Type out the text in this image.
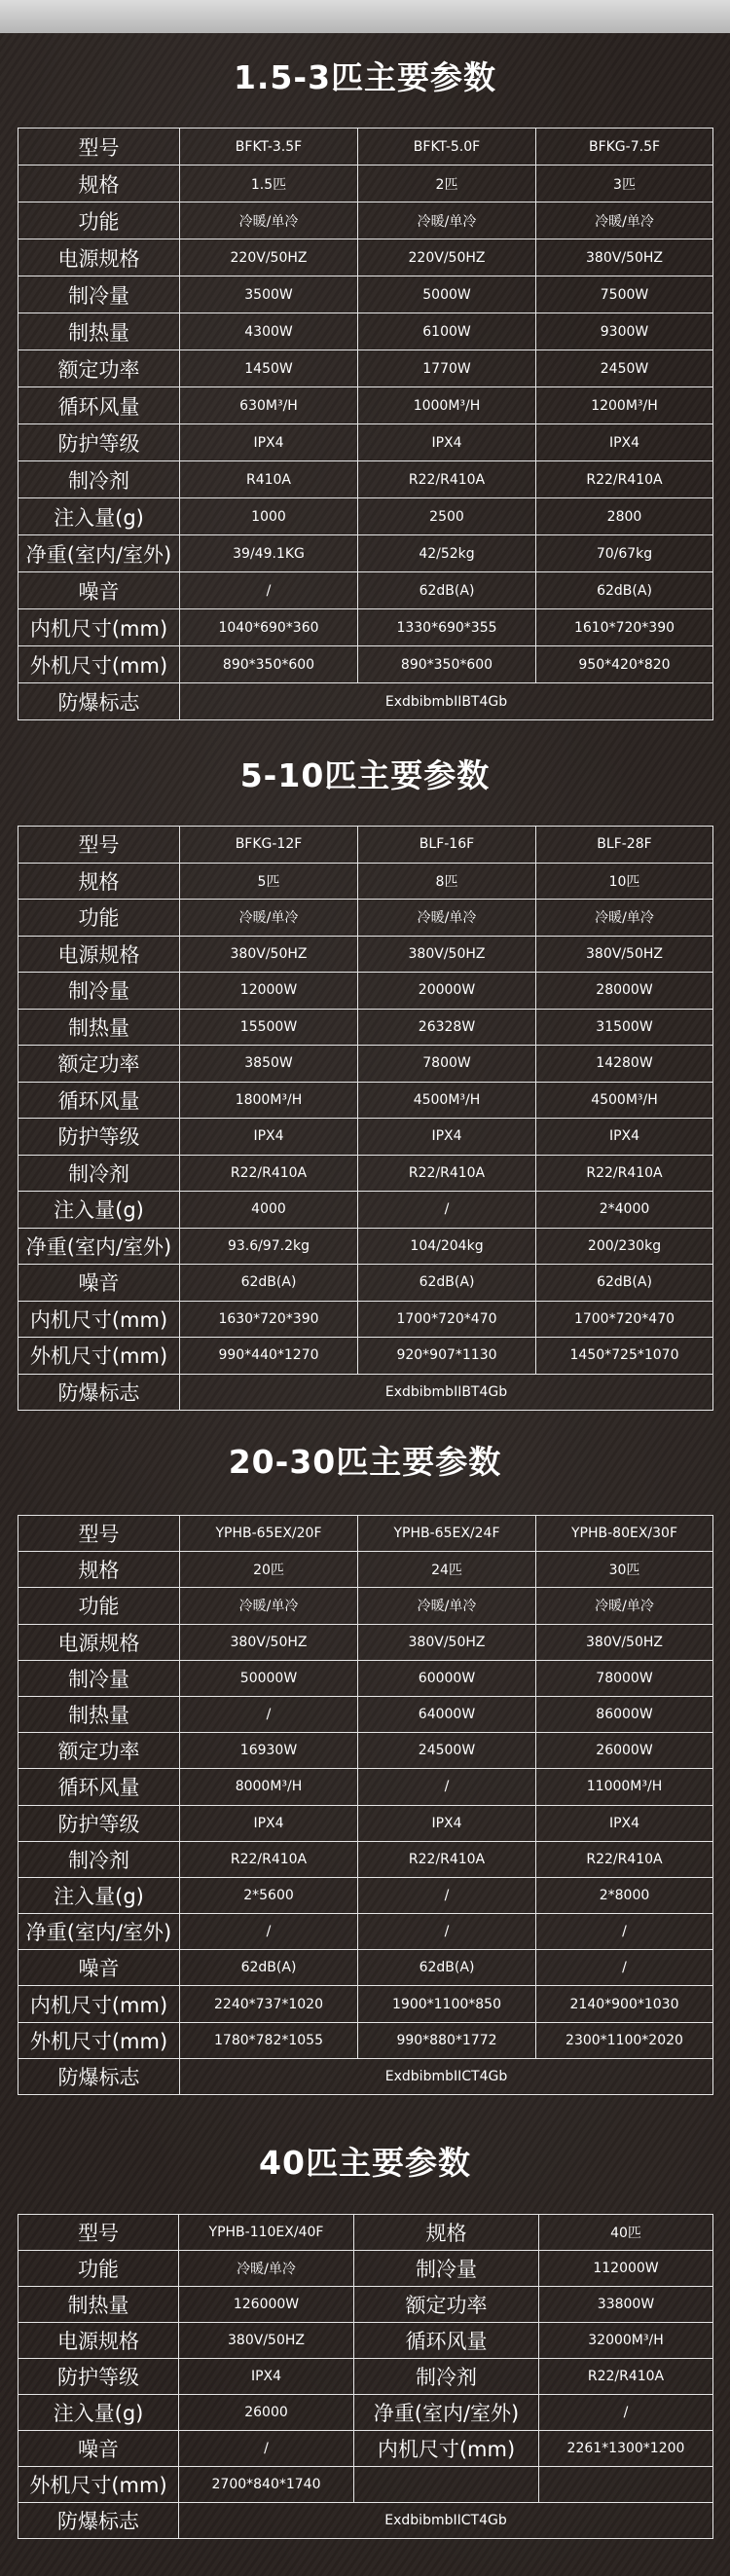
1.5-3匹主要参数
型号	BFKT-3.5F	BFKT-5.0F	BFKG-7.5F
规格	1.5匹	2匹	3匹
功能	冷暖/单冷	冷暖/单冷	冷暖/单冷
电源规格	220V/50HZ	220V/50HZ	380V/50HZ
制冷量	3500W	5000W	7500W
制热量	4300W	6100W	9300W
额定功率	1450W	1770W	2450W
循环风量	630M³/H	1000M³/H	1200M³/H
防护等级	IPX4	IPX4	IPX4
制冷剂	R410A	R22/R410A	R22/R410A
注入量(g)	1000	2500	2800
净重(室内/室外)	39/49.1KG	42/52kg	70/67kg
噪音	/	62dB(A)	62dB(A)
内机尺寸(mm)	1040*690*360	1330*690*355	1610*720*390
外机尺寸(mm)	890*350*600	890*350*600	950*420*820
防爆标志	ExdbibmbIIBT4Gb		
5-10匹主要参数
型号	BFKG-12F	BLF-16F	BLF-28F
规格	5匹	8匹	10匹
功能	冷暖/单冷	冷暖/单冷	冷暖/单冷
电源规格	380V/50HZ	380V/50HZ	380V/50HZ
制冷量	12000W	20000W	28000W
制热量	15500W	26328W	31500W
额定功率	3850W	7800W	14280W
循环风量	1800M³/H	4500M³/H	4500M³/H
防护等级	IPX4	IPX4	IPX4
制冷剂	R22/R410A	R22/R410A	R22/R410A
注入量(g)	4000	/	2*4000
净重(室内/室外)	93.6/97.2kg	104/204kg	200/230kg
噪音	62dB(A)	62dB(A)	62dB(A)
内机尺寸(mm)	1630*720*390	1700*720*470	1700*720*470
外机尺寸(mm)	990*440*1270	920*907*1130	1450*725*1070
防爆标志	ExdbibmbIIBT4Gb		
20-30匹主要参数
型号	YPHB-65EX/20F	YPHB-65EX/24F	YPHB-80EX/30F
规格	20匹	24匹	30匹
功能	冷暖/单冷	冷暖/单冷	冷暖/单冷
电源规格	380V/50HZ	380V/50HZ	380V/50HZ
制冷量	50000W	60000W	78000W
制热量	/	64000W	86000W
额定功率	16930W	24500W	26000W
循环风量	8000M³/H	/	11000M³/H
防护等级	IPX4	IPX4	IPX4
制冷剂	R22/R410A	R22/R410A	R22/R410A
注入量(g)	2*5600	/	2*8000
净重(室内/室外)	/	/	/
噪音	62dB(A)	62dB(A)	/
内机尺寸(mm)	2240*737*1020	1900*1100*850	2140*900*1030
外机尺寸(mm)	1780*782*1055	990*880*1772	2300*1100*2020
防爆标志	ExdbibmbIICT4Gb		
40匹主要参数
型号	YPHB-110EX/40F	规格	40匹
功能	冷暖/单冷	制冷量	112000W
制热量	126000W	额定功率	33800W
电源规格	380V/50HZ	循环风量	32000M³/H
防护等级	IPX4	制冷剂	R22/R410A
注入量(g)	26000	净重(室内/室外)	/
噪音	/	内机尺寸(mm)	2261*1300*1200
外机尺寸(mm)	2700*840*1740		
防爆标志	ExdbibmbIICT4Gb		
